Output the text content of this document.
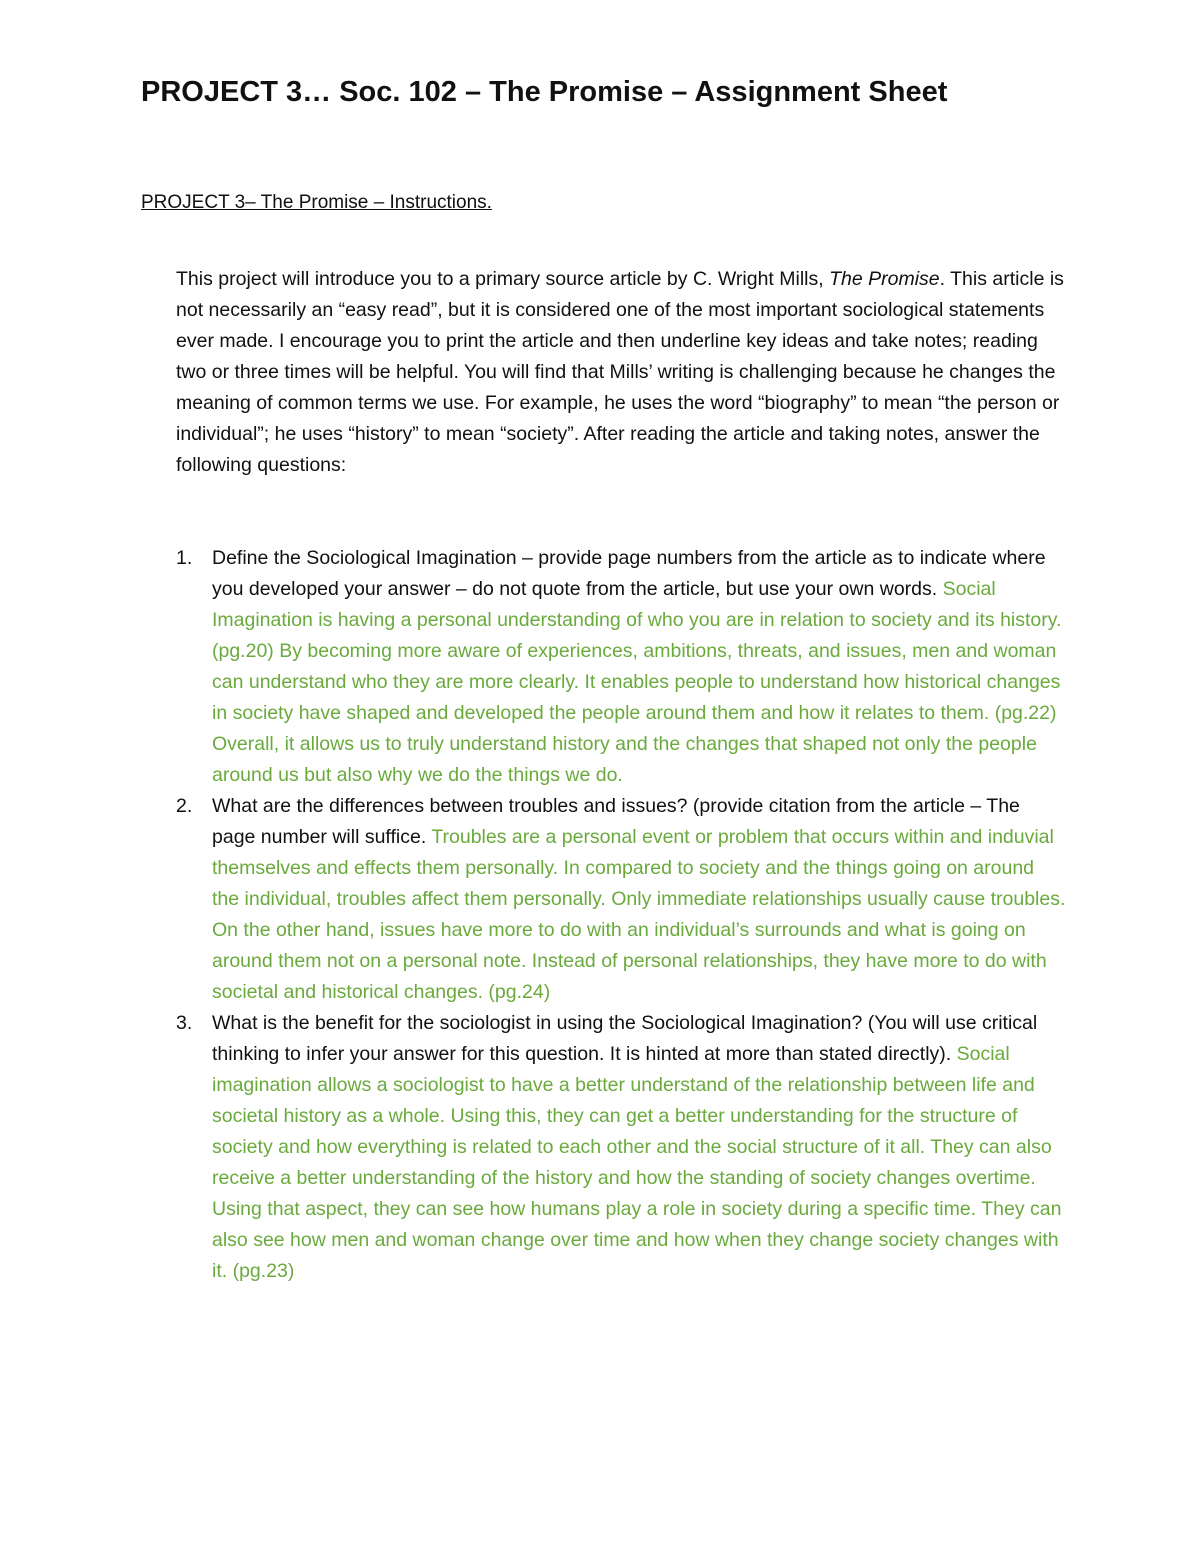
PROJECT 3… Soc. 102 – The Promise – Assignment Sheet
PROJECT 3– The Promise – Instructions.

This project will introduce you to a primary source article by C. Wright Mills, The Promise. This article is not necessarily an “easy read”, but it is considered one of the most important sociological statements ever made. I encourage you to print the article and then underline key ideas and take notes; reading two or three times will be helpful. You will find that Mills’ writing is challenging because he changes the meaning of common terms we use. For example, he uses the word “biography” to mean “the person or individual”; he uses “history” to mean “society”. After reading the article and taking notes, answer the following questions:

1.	Define the Sociological Imagination – provide page numbers from the article as to indicate where you developed your answer – do not quote from the article, but use your own words. Social Imagination is having a personal understanding of who you are in relation to society and its history. (pg.20) By becoming more aware of experiences, ambitions, threats, and issues, men and woman can understand who they are more clearly. It enables people to understand how historical changes in society have shaped and developed the people around them and how it relates to them. (pg.22) Overall, it allows us to truly understand history and the changes that shaped not only the people around us but also why we do the things we do.
2.	What are the differences between troubles and issues? (provide citation from the article – The page number will suffice. Troubles are a personal event or problem that occurs within and induvial themselves and effects them personally. In compared to society and the things going on around the individual, troubles affect them personally. Only immediate relationships usually cause troubles. On the other hand, issues have more to do with an individual’s surrounds and what is going on around them not on a personal note. Instead of personal relationships, they have more to do with societal and historical changes. (pg.24)
3.	What is the benefit for the sociologist in using the Sociological Imagination? (You will use critical thinking to infer your answer for this question. It is hinted at more than stated directly). Social imagination allows a sociologist to have a better understand of the relationship between life and societal history as a whole. Using this, they can get a better understanding for the structure of society and how everything is related to each other and the social structure of it all. They can also receive a better understanding of the history and how the standing of society changes overtime. Using that aspect, they can see how humans play a role in society during a specific time. They can also see how men and woman change over time and how when they change society changes with it. (pg.23)
